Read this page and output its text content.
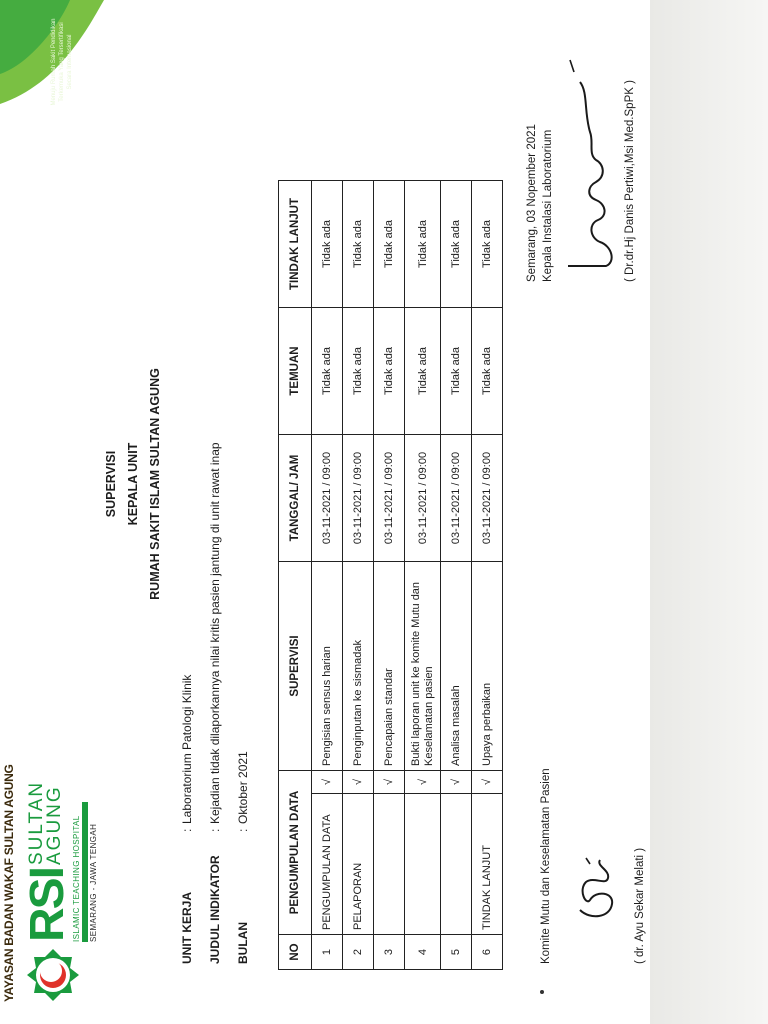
YAYASAN BADAN WAKAF SULTAN AGUNG RSI
SULTAN
AGUNG ISLAMIC TEACHING HOSPITAL SEMARANG - JAWA TENGAH
Menuju Rumah Sakit Pendidikan Terkemuka Yang Tersertifikasi Secara Internasional
SUPERVISI KEPALA UNIT RUMAH SAKIT ISLAM SULTAN AGUNG
UNIT KERJA
:
Laboratorium Patologi Klinik
JUDUL INDIKATOR
:
Kejadian tidak dilaporkannya nilai kritis pasien jantung di unit rawat inap
BULAN
:
Oktober 2021
NO	PENGUMPULAN DATA		SUPERVISI	TANGGAL/ JAM	TEMUAN	TINDAK LANJUT
1	PENGUMPULAN DATA	√	Pengisian sensus harian	03-11-2021 / 09:00	Tidak ada	Tidak ada
2	PELAPORAN	√	Penginputan ke sismadak	03-11-2021 / 09:00	Tidak ada	Tidak ada
3		√	Pencapaian standar	03-11-2021 / 09:00	Tidak ada	Tidak ada
4		√	Bukti laporan unit ke komite Mutu dan Keselamatan pasien	03-11-2021 / 09:00	Tidak ada	Tidak ada
5		√	Analisa masalah	03-11-2021 / 09:00	Tidak ada	Tidak ada
6	TINDAK LANJUT	√	Upaya perbaikan	03-11-2021 / 09:00	Tidak ada	Tidak ada
Komite Mutu dan Keselamatan Pasien	( dr. Ayu Sekar Melati )
Semarang, 03 Nopember 2021 Kepala Instalasi Laboratorium	( Dr.dr.Hj Danis Pertiwi,Msi Med.SpPK )
